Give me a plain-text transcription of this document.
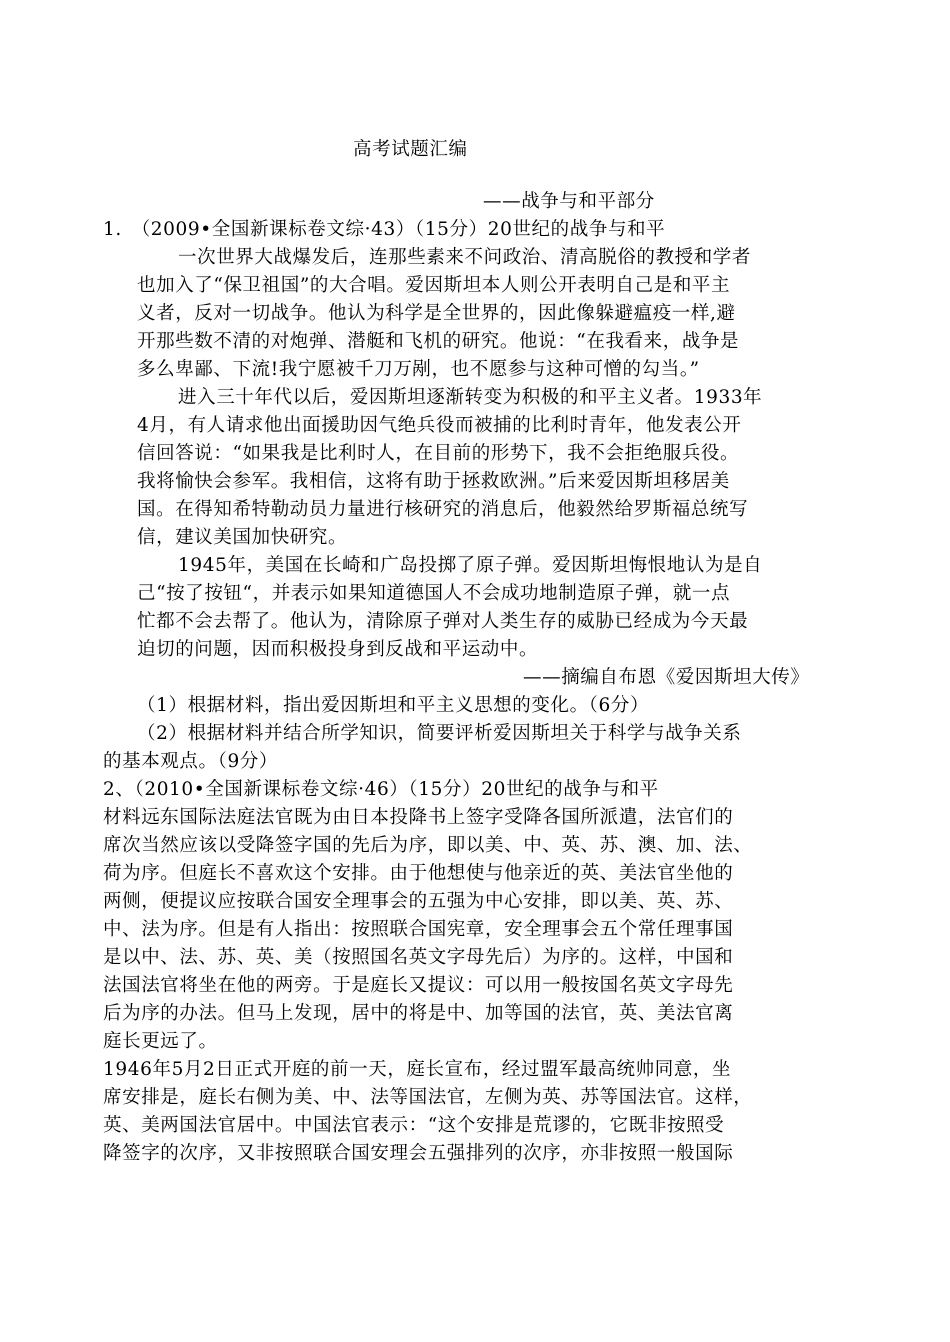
高考试题汇编
——战争与和平部分
1.　（2009•全国新课标卷文综·43）（15分）20世纪的战争与和平
一次世界大战爆发后，连那些素来不问政治、清高脱俗的教授和学者
也加入了“保卫祖国”的大合唱。爱因斯坦本人则公开表明自己是和平主
义者，反对一切战争。他认为科学是全世界的，因此像躲避瘟疫一样,避
开那些数不清的对炮弹、潜艇和飞机的研究。他说：“在我看来，战争是
多么卑鄙、下流!我宁愿被千刀万剐，也不愿参与这种可憎的勾当。”
进入三十年代以后，爱因斯坦逐渐转变为积极的和平主义者。1933年
4月，有人请求他出面援助因气绝兵役而被捕的比利时青年，他发表公开
信回答说：“如果我是比利时人，在目前的形势下，我不会拒绝服兵役。
我将愉快会参军。我相信，这将有助于拯救欧洲。”后来爱因斯坦移居美
国。在得知希特勒动员力量进行核研究的消息后，他毅然给罗斯福总统写
信，建议美国加快研究。
1945年，美国在长崎和广岛投掷了原子弹。爱因斯坦悔恨地认为是自
己“按了按钮“，并表示如果知道德国人不会成功地制造原子弹，就一点
忙都不会去帮了。他认为，清除原子弹对人类生存的威胁已经成为今天最
迫切的问题，因而积极投身到反战和平运动中。
——摘编自布恩《爱因斯坦大传》
（1）根据材料，指出爱因斯坦和平主义思想的变化。（6分）
（2）根据材料并结合所学知识，简要评析爱因斯坦关于科学与战争关系
的基本观点。（9分）
2、（2010•全国新课标卷文综·46）（15分）20世纪的战争与和平
材料远东国际法庭法官既为由日本投降书上签字受降各国所派遣，法官们的
席次当然应该以受降签字国的先后为序，即以美、中、英、苏、澳、加、法、
荷为序。但庭长不喜欢这个安排。由于他想使与他亲近的英、美法官坐他的
两侧，便提议应按联合国安全理事会的五强为中心安排，即以美、英、苏、
中、法为序。但是有人指出：按照联合国宪章，安全理事会五个常任理事国
是以中、法、苏、英、美（按照国名英文字母先后）为序的。这样，中国和
法国法官将坐在他的两旁。于是庭长又提议：可以用一般按国名英文字母先
后为序的办法。但马上发现，居中的将是中、加等国的法官，英、美法官离
庭长更远了。
1946年5月2日正式开庭的前一天，庭长宣布，经过盟军最高统帅同意，坐
席安排是，庭长右侧为美、中、法等国法官，左侧为英、苏等国法官。这样，
英、美两国法官居中。中国法官表示：“这个安排是荒谬的，它既非按照受
降签字的次序，又非按照联合国安理会五强排列的次序，亦非按照一般国际
